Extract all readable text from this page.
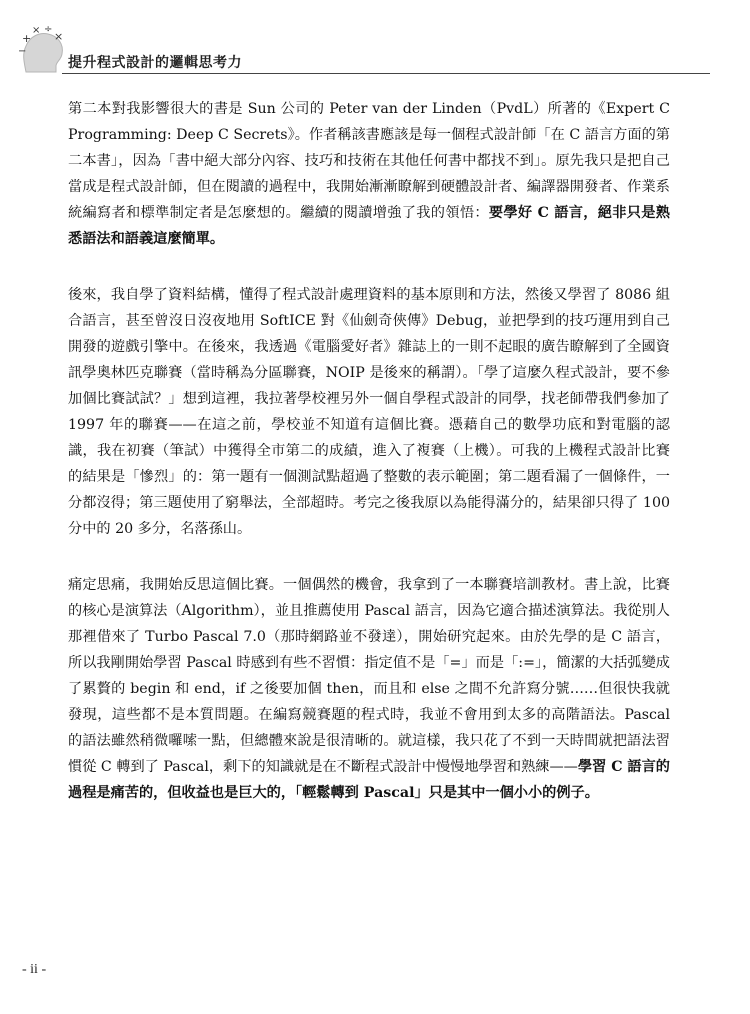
+
× ÷
×
−
提升程式設計的邏輯思考力

第二本對我影響很大的書是 Sun 公司的 Peter van der Linden（PvdL）所著的《Expert C Programming: Deep C Secrets》。作者稱該書應該是每一個程式設計師「在 C 語言方面的第二本書」，因為「書中絕大部分內容、技巧和技術在其他任何書中都找不到」。原先我只是把自己當成是程式設計師，但在閱讀的過程中，我開始漸漸瞭解到硬體設計者、編譯器開發者、作業系統編寫者和標準制定者是怎麼想的。繼續的閱讀增強了我的領悟：要學好 C 語言，絕非只是熟悉語法和語義這麼簡單。

後來，我自學了資料結構，懂得了程式設計處理資料的基本原則和方法，然後又學習了 8086 組合語言，甚至曾沒日沒夜地用 SoftICE 對《仙劍奇俠傳》Debug，並把學到的技巧運用到自己開發的遊戲引擎中。在後來，我透過《電腦愛好者》雜誌上的一則不起眼的廣告瞭解到了全國資訊學奧林匹克聯賽（當時稱為分區聯賽，NOIP 是後來的稱謂）。「學了這麼久程式設計，要不參加個比賽試試？」想到這裡，我拉著學校裡另外一個自學程式設計的同學，找老師帶我們參加了 1997 年的聯賽——在這之前，學校並不知道有這個比賽。憑藉自己的數學功底和對電腦的認識，我在初賽（筆試）中獲得全市第二的成績，進入了複賽（上機）。可我的上機程式設計比賽的結果是「慘烈」的：第一題有一個測試點超過了整數的表示範圍；第二題看漏了一個條件，一分都沒得；第三題使用了窮舉法，全部超時。考完之後我原以為能得滿分的，結果卻只得了 100 分中的 20 多分，名落孫山。

痛定思痛，我開始反思這個比賽。一個偶然的機會，我拿到了一本聯賽培訓教材。書上說，比賽的核心是演算法（Algorithm），並且推薦使用 Pascal 語言，因為它適合描述演算法。我從別人那裡借來了 Turbo Pascal 7.0（那時網路並不發達），開始研究起來。由於先學的是 C 語言，所以我剛開始學習 Pascal 時感到有些不習慣：指定值不是「=」而是「:=」，簡潔的大括弧變成了累贅的 begin 和 end，if 之後要加個 then，而且和 else 之間不允許寫分號……但很快我就發現，這些都不是本質問題。在編寫競賽題的程式時，我並不會用到太多的高階語法。Pascal 的語法雖然稍微囉嗦一點，但總體來說是很清晰的。就這樣，我只花了不到一天時間就把語法習慣從 C 轉到了 Pascal，剩下的知識就是在不斷程式設計中慢慢地學習和熟練——學習 C 語言的過程是痛苦的，但收益也是巨大的，「輕鬆轉到 Pascal」只是其中一個小小的例子。

- ii -
